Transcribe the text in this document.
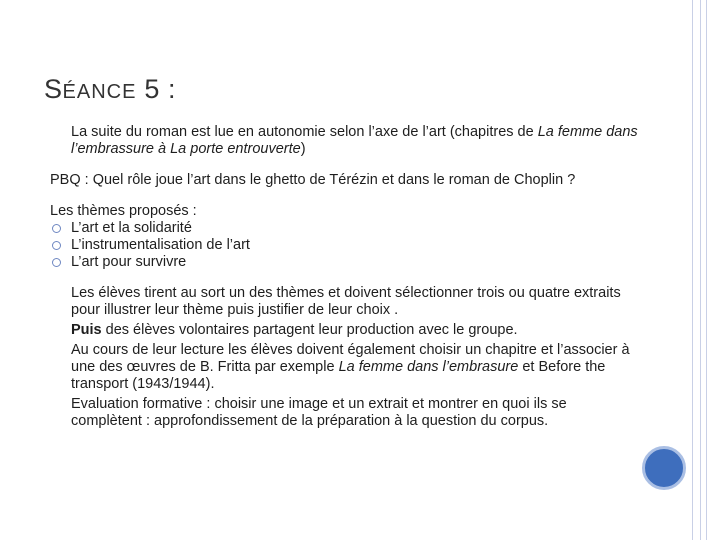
SÉANCE 5 :

La suite du roman est lue en autonomie selon l’axe de l’art (chapitres de La femme dans l’embrassure à La porte entrouverte)

PBQ : Quel rôle joue l’art dans le ghetto de Térézin et dans le roman de Choplin ?

Les thèmes proposés :

L’art et la solidarité

L’instrumentalisation de l’art

L’art pour survivre

Les élèves tirent au sort un des thèmes et doivent sélectionner trois ou quatre extraits pour illustrer leur thème puis justifier de leur choix .

Puis des élèves volontaires partagent leur production avec le groupe.

Au cours de leur lecture les élèves doivent également choisir un chapitre et l’associer à une des œuvres de B. Fritta par exemple La femme dans l’embrasure et Before the transport (1943/1944).

Evaluation formative : choisir une image et un extrait et montrer en quoi ils se complètent : approfondissement de la préparation à la question du corpus.
